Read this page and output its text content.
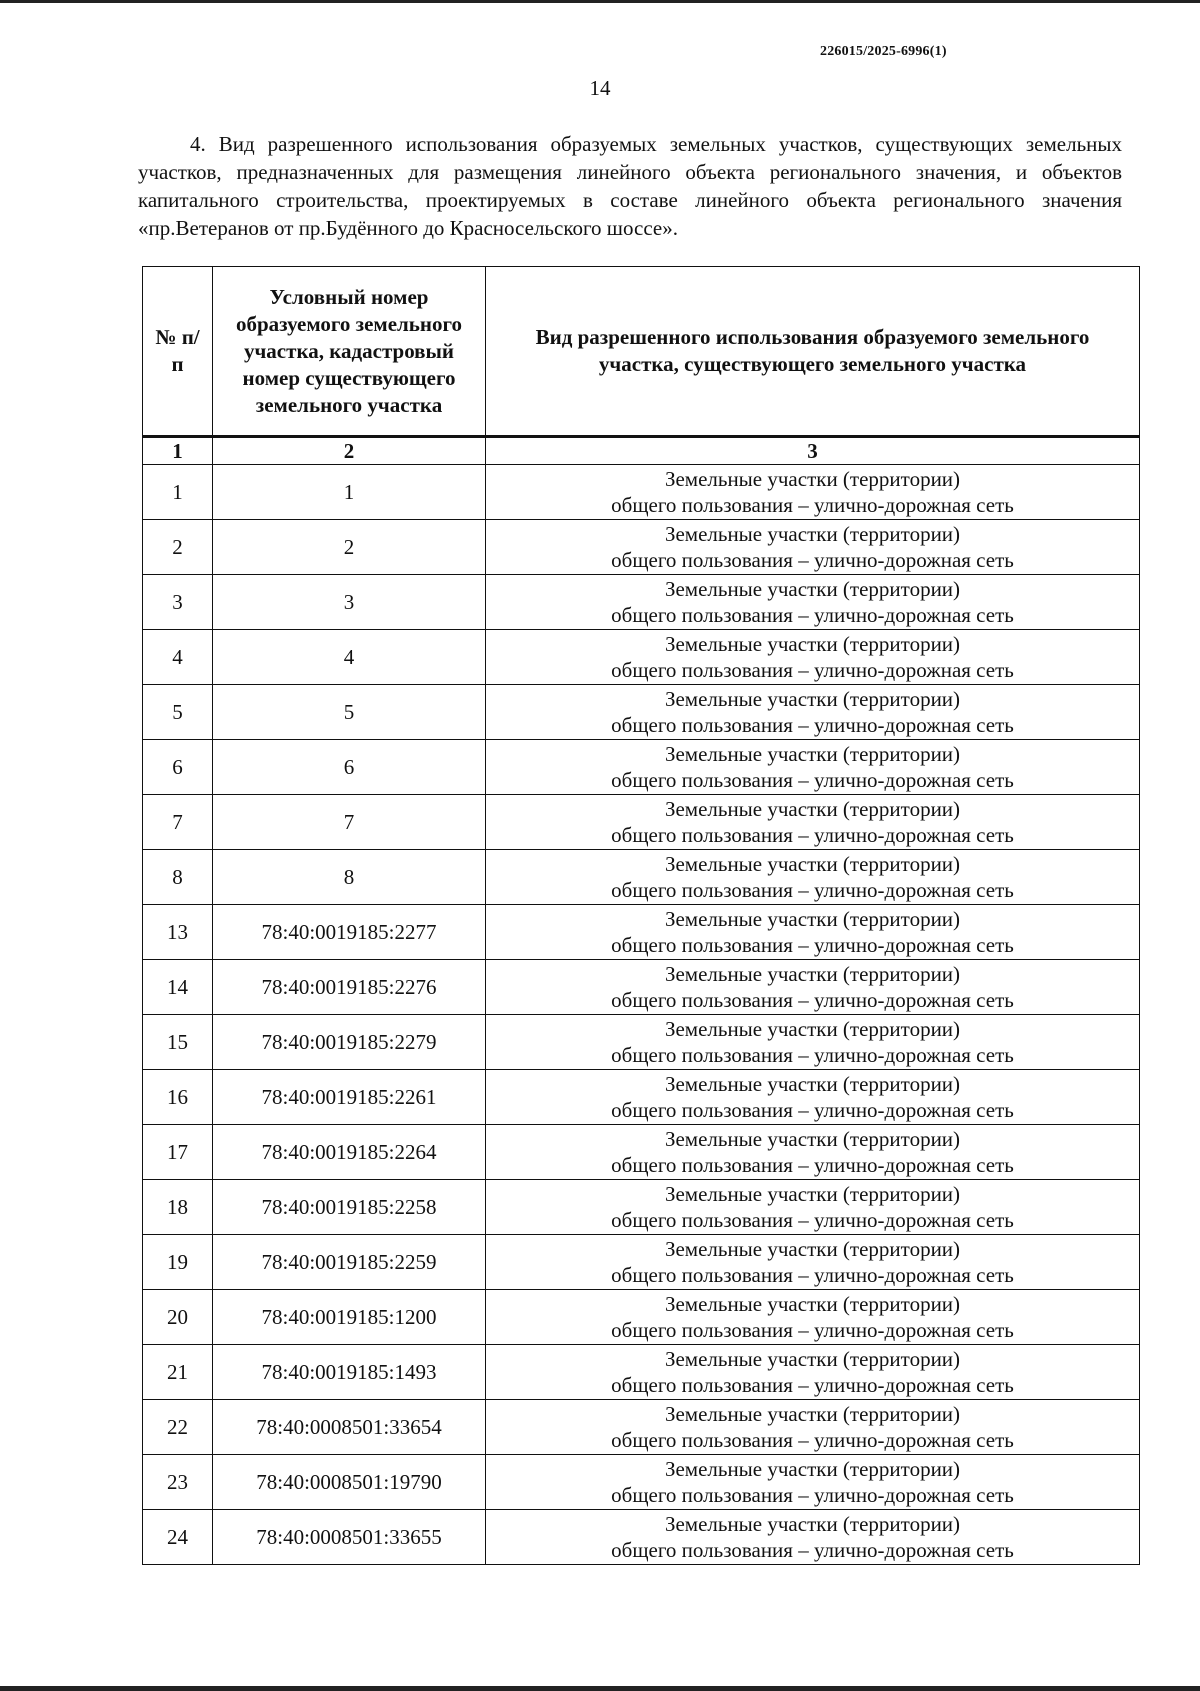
226015/2025-6996(1)
14

4. Вид разрешенного использования образуемых земельных участков, существующих земельных участков, предназначенных для размещения линейного объекта регионального значения, и объектов капитального строительства, проектируемых в составе линейного объекта регионального значения «пр.Ветеранов от пр.Будённого до Красносельского шоссе».

№ п/п	Условный номер образуемого земельного участка, кадастровый номер существующего земельного участка	Вид разрешенного использования образуемого земельного участка, существующего земельного участка
1	2	3
1	1	Земельные участки (территории)
общего пользования – улично-дорожная сеть

2	2	Земельные участки (территории)
общего пользования – улично-дорожная сеть

3	3	Земельные участки (территории)
общего пользования – улично-дорожная сеть

4	4	Земельные участки (территории)
общего пользования – улично-дорожная сеть

5	5	Земельные участки (территории)
общего пользования – улично-дорожная сеть

6	6	Земельные участки (территории)
общего пользования – улично-дорожная сеть

7	7	Земельные участки (территории)
общего пользования – улично-дорожная сеть

8	8	Земельные участки (территории)
общего пользования – улично-дорожная сеть

13	78:40:0019185:2277	Земельные участки (территории)
общего пользования – улично-дорожная сеть

14	78:40:0019185:2276	Земельные участки (территории)
общего пользования – улично-дорожная сеть

15	78:40:0019185:2279	Земельные участки (территории)
общего пользования – улично-дорожная сеть

16	78:40:0019185:2261	Земельные участки (территории)
общего пользования – улично-дорожная сеть

17	78:40:0019185:2264	Земельные участки (территории)
общего пользования – улично-дорожная сеть

18	78:40:0019185:2258	Земельные участки (территории)
общего пользования – улично-дорожная сеть

19	78:40:0019185:2259	Земельные участки (территории)
общего пользования – улично-дорожная сеть

20	78:40:0019185:1200	Земельные участки (территории)
общего пользования – улично-дорожная сеть

21	78:40:0019185:1493	Земельные участки (территории)
общего пользования – улично-дорожная сеть

22	78:40:0008501:33654	Земельные участки (территории)
общего пользования – улично-дорожная сеть

23	78:40:0008501:19790	Земельные участки (территории)
общего пользования – улично-дорожная сеть

24	78:40:0008501:33655	Земельные участки (территории)
общего пользования – улично-дорожная сеть
